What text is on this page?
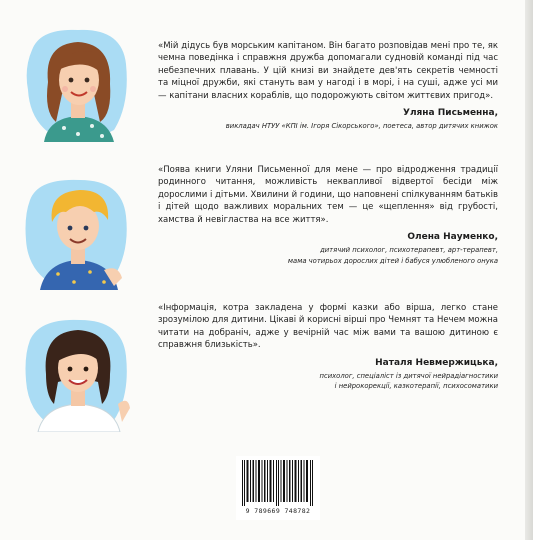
«Мій дідусь був морським капітаном. Він багато розповідав мені про те, як чемна поведінка і справжня дружба допомагали судновій команді під час небезпечних плавань. У цій книзі ви знайдете дев'ять секретів чемності та міцної дружби, які стануть вам у нагоді і в морі, і на суші, адже усі ми — капітани власних кораблів, що подорожують світом життєвих пригод».

Уляна Письменна,

викладач НТУУ «КПІ ім. Ігоря Сікорського», поетеса, автор дитячих книжок

«Поява книги Уляни Письменної для мене — про відродження традиції родинного читання, можливість неквапливої відвертої бесіди між дорослими і дітьми. Хвилини й години, що наповнені спілкуванням батьків і дітей щодо важливих моральних тем — це «щеплення» від грубості, хамства й невігластва на все життя».

Олена Науменко,

дитячий психолог, психотерапевт, арт-терапевт,

мама чотирьох дорослих дітей і бабуся улюбленого онука

«Інформація, котра закладена у формі казки або вірша, легко стане зрозумілою для дитини. Цікаві й корисні вірші про Чемнят та Нечем можна читати на добраніч, адже у вечірній час між вами та вашою дитиною є справжня близькість».

Наталя Невмержицька,

психолог, спеціаліст із дитячої нейрадіагностики

і нейрокорекції, казкотерапії, психосоматики

9 789669 748782
